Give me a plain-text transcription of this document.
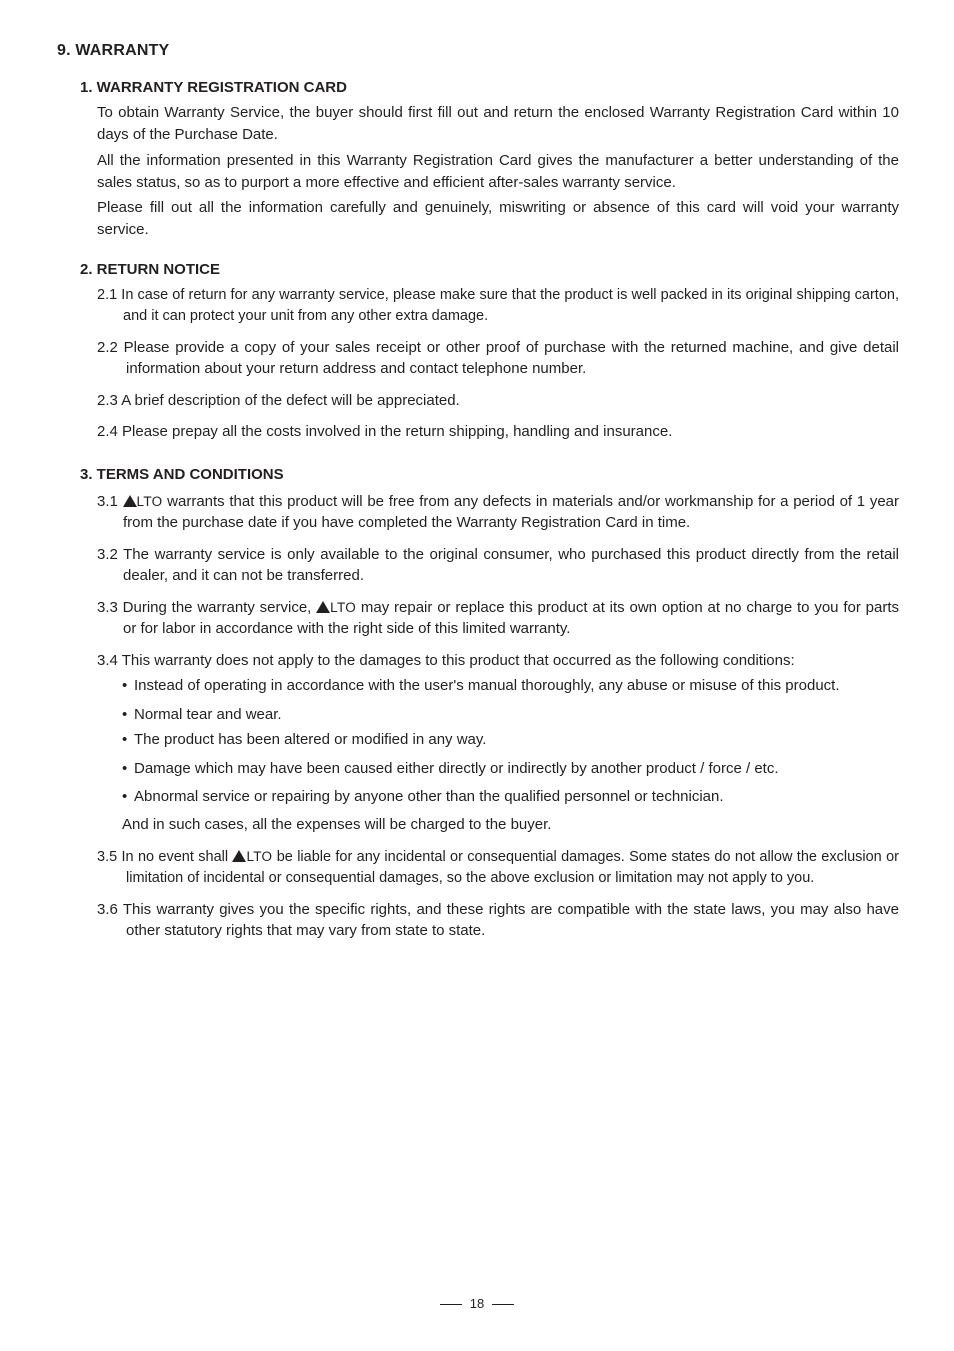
9. WARRANTY
1. WARRANTY REGISTRATION CARD
To obtain Warranty Service, the buyer should first fill out and return the enclosed Warranty Registration Card within 10 days of the Purchase Date.
All the information presented in this Warranty Registration Card gives the manufacturer a better understanding of the sales status, so as to purport a more effective and efficient after-sales warranty service.
Please fill out all the information carefully and genuinely, miswriting or absence of this card will void your warranty service.
2. RETURN NOTICE
2.1 In case of return for any warranty service, please make sure that the product is well packed in its original shipping carton, and it can protect your unit from any other extra damage.
2.2 Please provide a copy of your sales receipt or other proof of purchase with the returned machine, and give detail information about your return address and contact telephone number.
2.3 A brief description of the defect will be appreciated.
2.4 Please prepay all the costs involved in the return shipping, handling and insurance.
3. TERMS AND CONDITIONS
3.1 LTO warrants that this product will be free from any defects in materials and/or workmanship for a period of 1 year from the purchase date if you have completed the Warranty Registration Card in time.
3.2 The warranty service is only available to the original consumer, who purchased this product directly from the retail dealer, and it can not be transferred.
3.3 During the warranty service, LTO may repair or replace this product at its own option at no charge to you for parts or for labor in accordance with the right side of this limited warranty.
3.4 This warranty does not apply to the damages to this product that occurred as the following conditions:
• Instead of operating in accordance with the user's manual thoroughly, any abuse or misuse of this product.
• Normal tear and wear.
• The product has been altered or modified in any way.
• Damage which may have been caused either directly or indirectly by another product / force / etc.
• Abnormal service or repairing by anyone other than the qualified personnel or technician.
And in such cases, all the expenses will be charged to the buyer.
3.5 In no event shall LTO be liable for any incidental or consequential damages. Some states do not allow the exclusion or limitation of incidental or consequential damages, so the above exclusion or limitation may not apply to you.
3.6 This warranty gives you the specific rights, and these rights are compatible with the state laws, you may also have other statutory rights that may vary from state to state.
18
